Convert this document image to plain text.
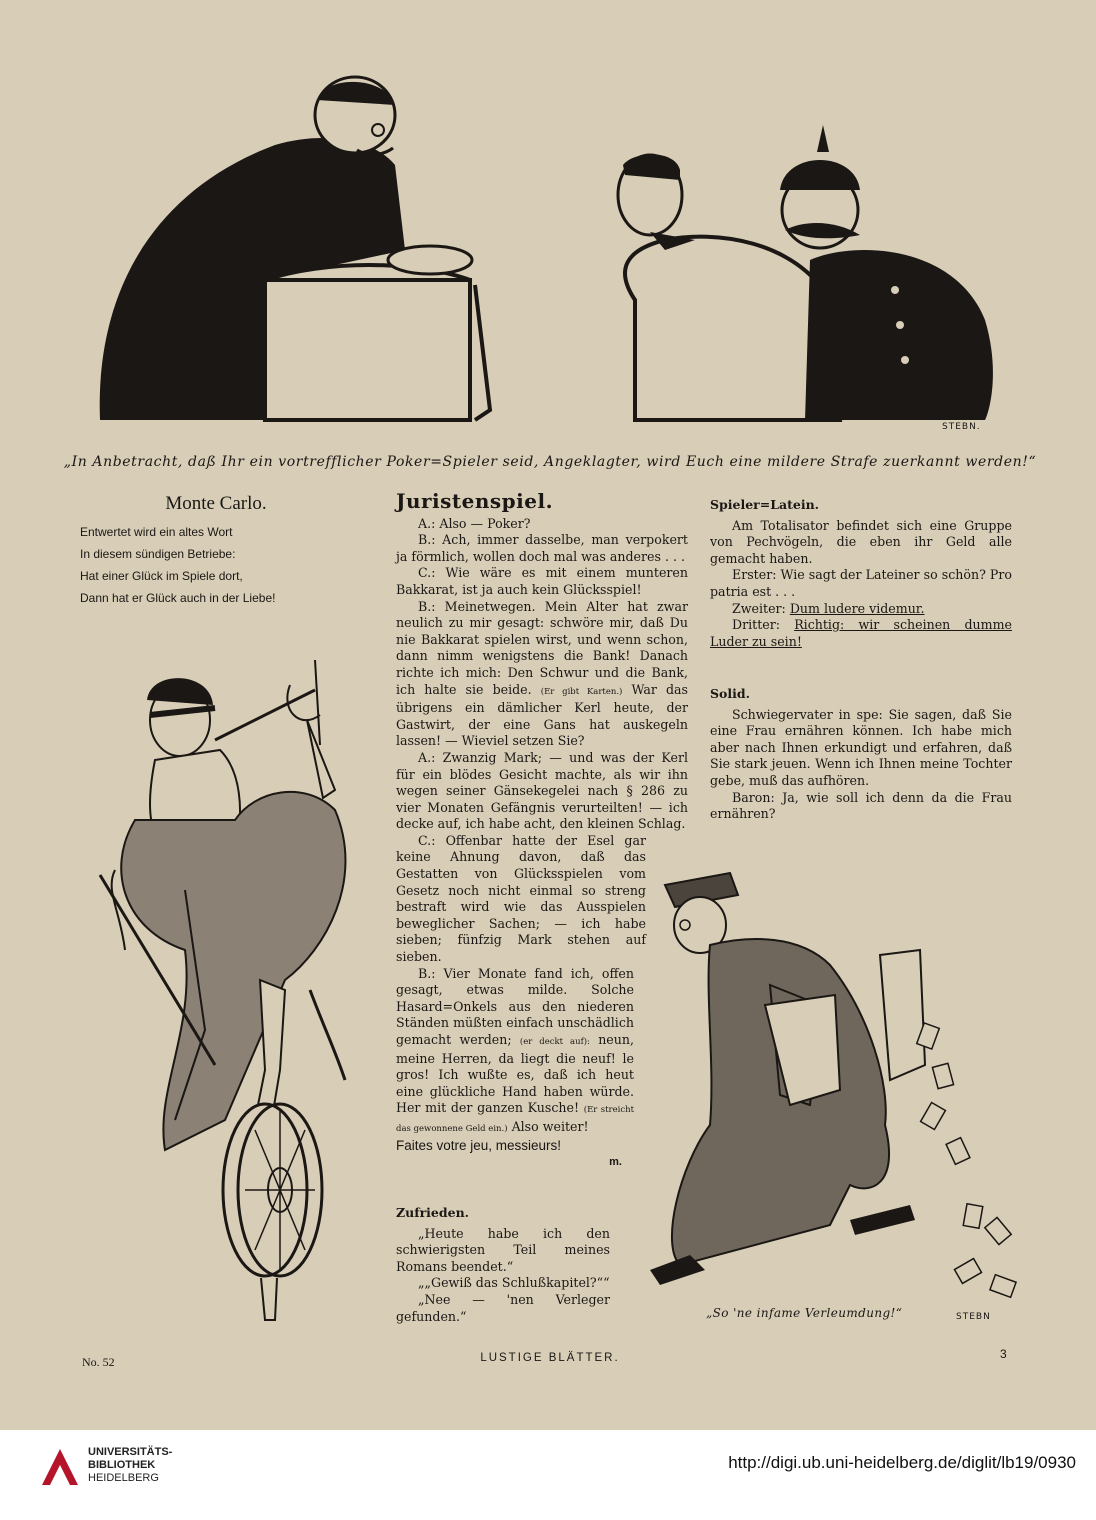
STEBN.
„In Anbetracht, daß Ihr ein vortrefflicher Poker=Spieler seid, Angeklagter, wird Euch eine mildere Strafe zuerkannt werden!“
Monte Carlo.

Entwertet wird ein altes Wort

In diesem sündigen Betriebe:

Hat einer Glück im Spiele dort,

Dann hat er Glück auch in der Liebe!

Juristenspiel.

A.: Also — Poker?

B.: Ach, immer dasselbe, man verpokert ja förmlich, wollen doch mal was anderes . . .

C.: Wie wäre es mit einem munteren Bakkarat, ist ja auch kein Glücksspiel!

B.: Meinetwegen. Mein Alter hat zwar neulich zu mir gesagt: schwöre mir, daß Du nie Bakkarat spielen wirst, und wenn schon, dann nimm wenigstens die Bank! Danach richte ich mich: Den Schwur und die Bank, ich halte sie beide. (Er gibt Karten.) War das übrigens ein dämlicher Kerl heute, der Gastwirt, der eine Gans hat auskegeln lassen! — Wieviel setzen Sie?

A.: Zwanzig Mark; — und was der Kerl für ein blödes Gesicht machte, als wir ihn wegen seiner Gänsekegelei nach § 286 zu vier Monaten Gefängnis verurteilten! — ich decke auf, ich habe acht, den kleinen Schlag.

C.: Offenbar hatte der Esel gar keine Ahnung davon, daß das Gestatten von Glücksspielen vom Gesetz noch nicht einmal so streng bestraft wird wie das Ausspielen beweglicher Sachen; — ich habe sieben; fünfzig Mark stehen auf sieben.

B.: Vier Monate fand ich, offen gesagt, etwas milde. Solche Hasard=Onkels aus den niederen Ständen müßten einfach unschädlich gemacht werden; (er deckt auf): neun, meine Herren, da liegt die neuf! le gros! Ich wußte es, daß ich heut eine glückliche Hand haben würde. Her mit der ganzen Kusche! (Er streicht das gewonnene Geld ein.) Also weiter!

Faites votre jeu, messieurs!

m.
Zufrieden.

„Heute habe ich den schwierigsten Teil meines Romans beendet.“

„„Gewiß das Schlußkapitel?““

„Nee — 'nen Verleger gefunden.“

Spieler=Latein.

Am Totalisator befindet sich eine Gruppe von Pechvögeln, die eben ihr Geld alle gemacht haben.

Erster: Wie sagt der Lateiner so schön? Pro patria est . . .

Zweiter: Dum ludere videmur.

Dritter: Richtig: wir scheinen dumme Luder zu sein!

Solid.

Schwiegervater in spe: Sie sagen, daß Sie eine Frau ernähren können. Ich habe mich aber nach Ihnen erkundigt und erfahren, daß Sie stark jeuen. Wenn ich Ihnen meine Tochter gebe, muß das aufhören.

Baron: Ja, wie soll ich denn da die Frau ernähren?

„So 'ne infame Verleumdung!“	STEBN
No. 52	LUSTIGE BLÄTTER.	3
UNIVERSITÄTS-
BIBLIOTHEK
HEIDELBERG
http://digi.ub.uni-heidelberg.de/diglit/lb19/0930
